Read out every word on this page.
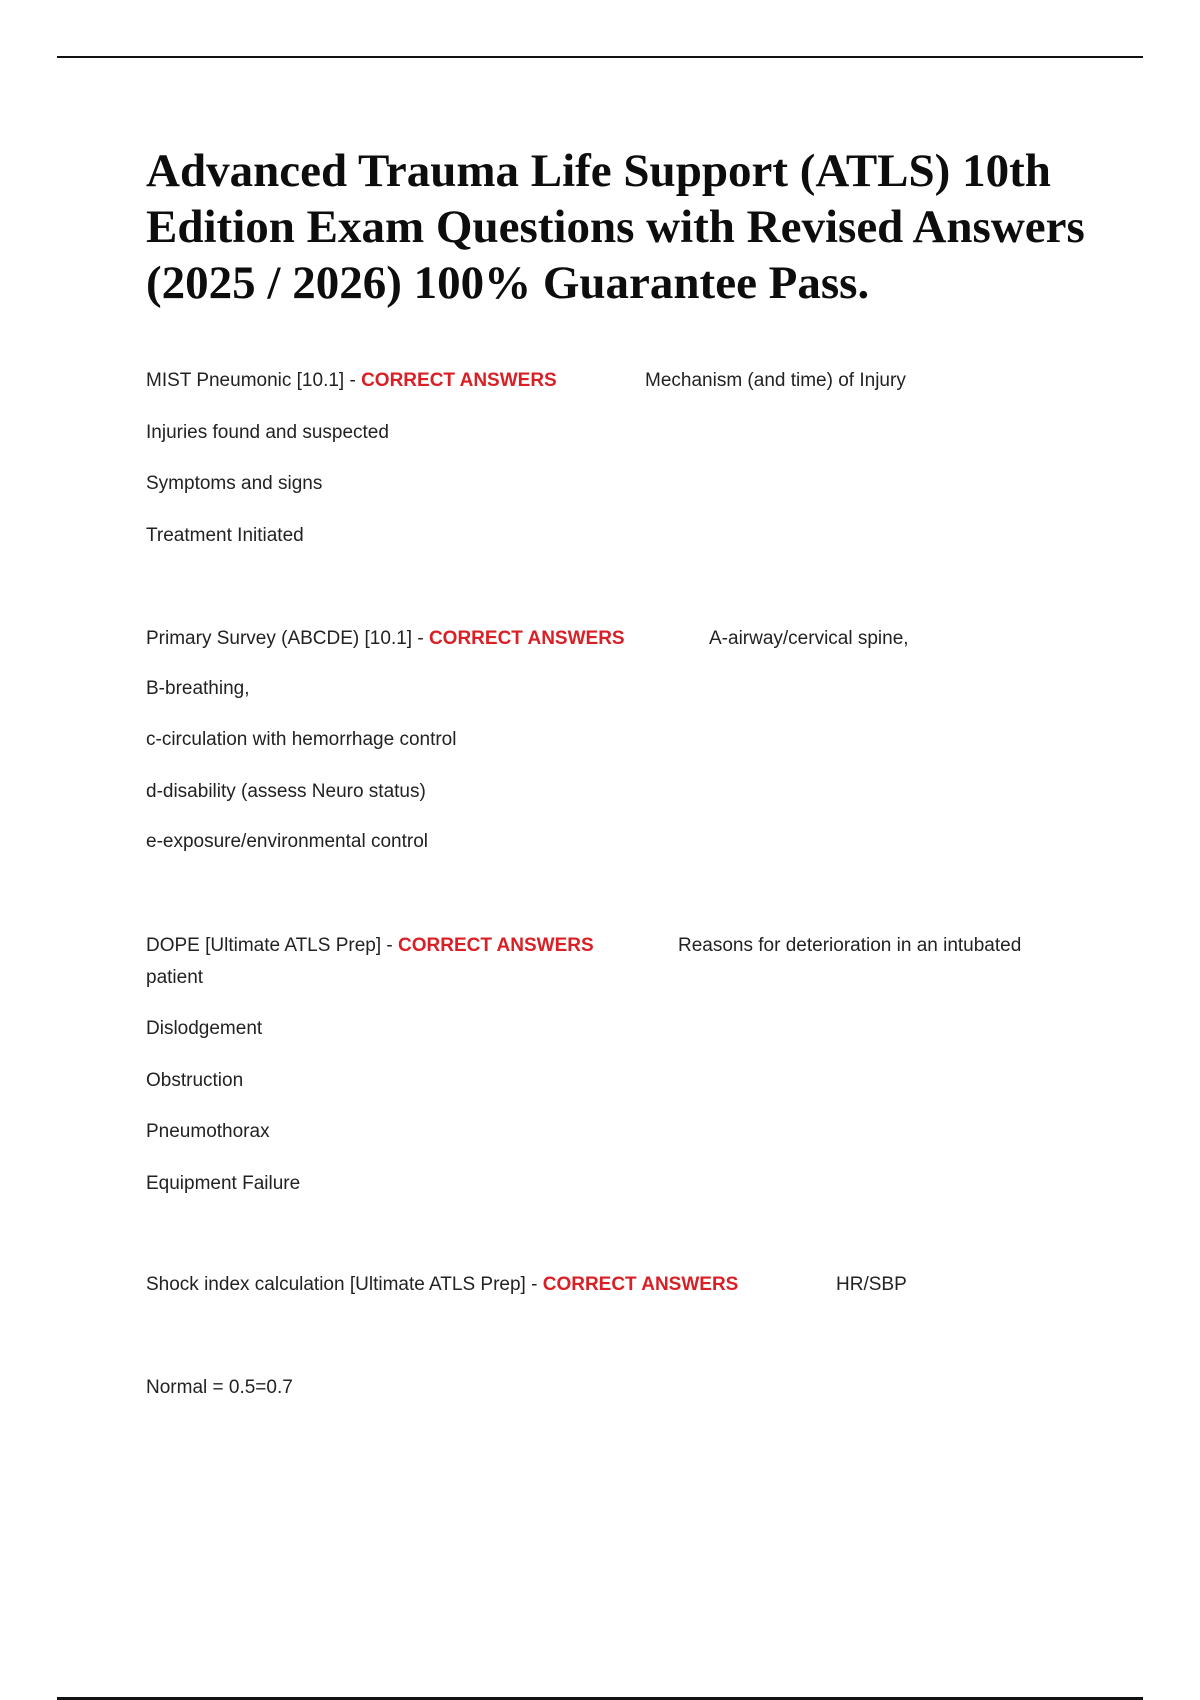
Advanced Trauma Life Support (ATLS) 10th Edition Exam Questions with Revised Answers (2025 / 2026) 100% Guarantee Pass.
MIST Pneumonic [10.1] - CORRECT ANSWERS	Mechanism (and time) of Injury
Injuries found and suspected
Symptoms and signs
Treatment Initiated
Primary Survey (ABCDE) [10.1] - CORRECT ANSWERS	A-airway/cervical spine,
B-breathing,
c-circulation with hemorrhage control
d-disability (assess Neuro status)
e-exposure/environmental control
DOPE [Ultimate ATLS Prep] - CORRECT ANSWERS	Reasons for deterioration in an intubated
patient
Dislodgement
Obstruction
Pneumothorax
Equipment Failure
Shock index calculation [Ultimate ATLS Prep] - CORRECT ANSWERS	HR/SBP
Normal = 0.5=0.7
